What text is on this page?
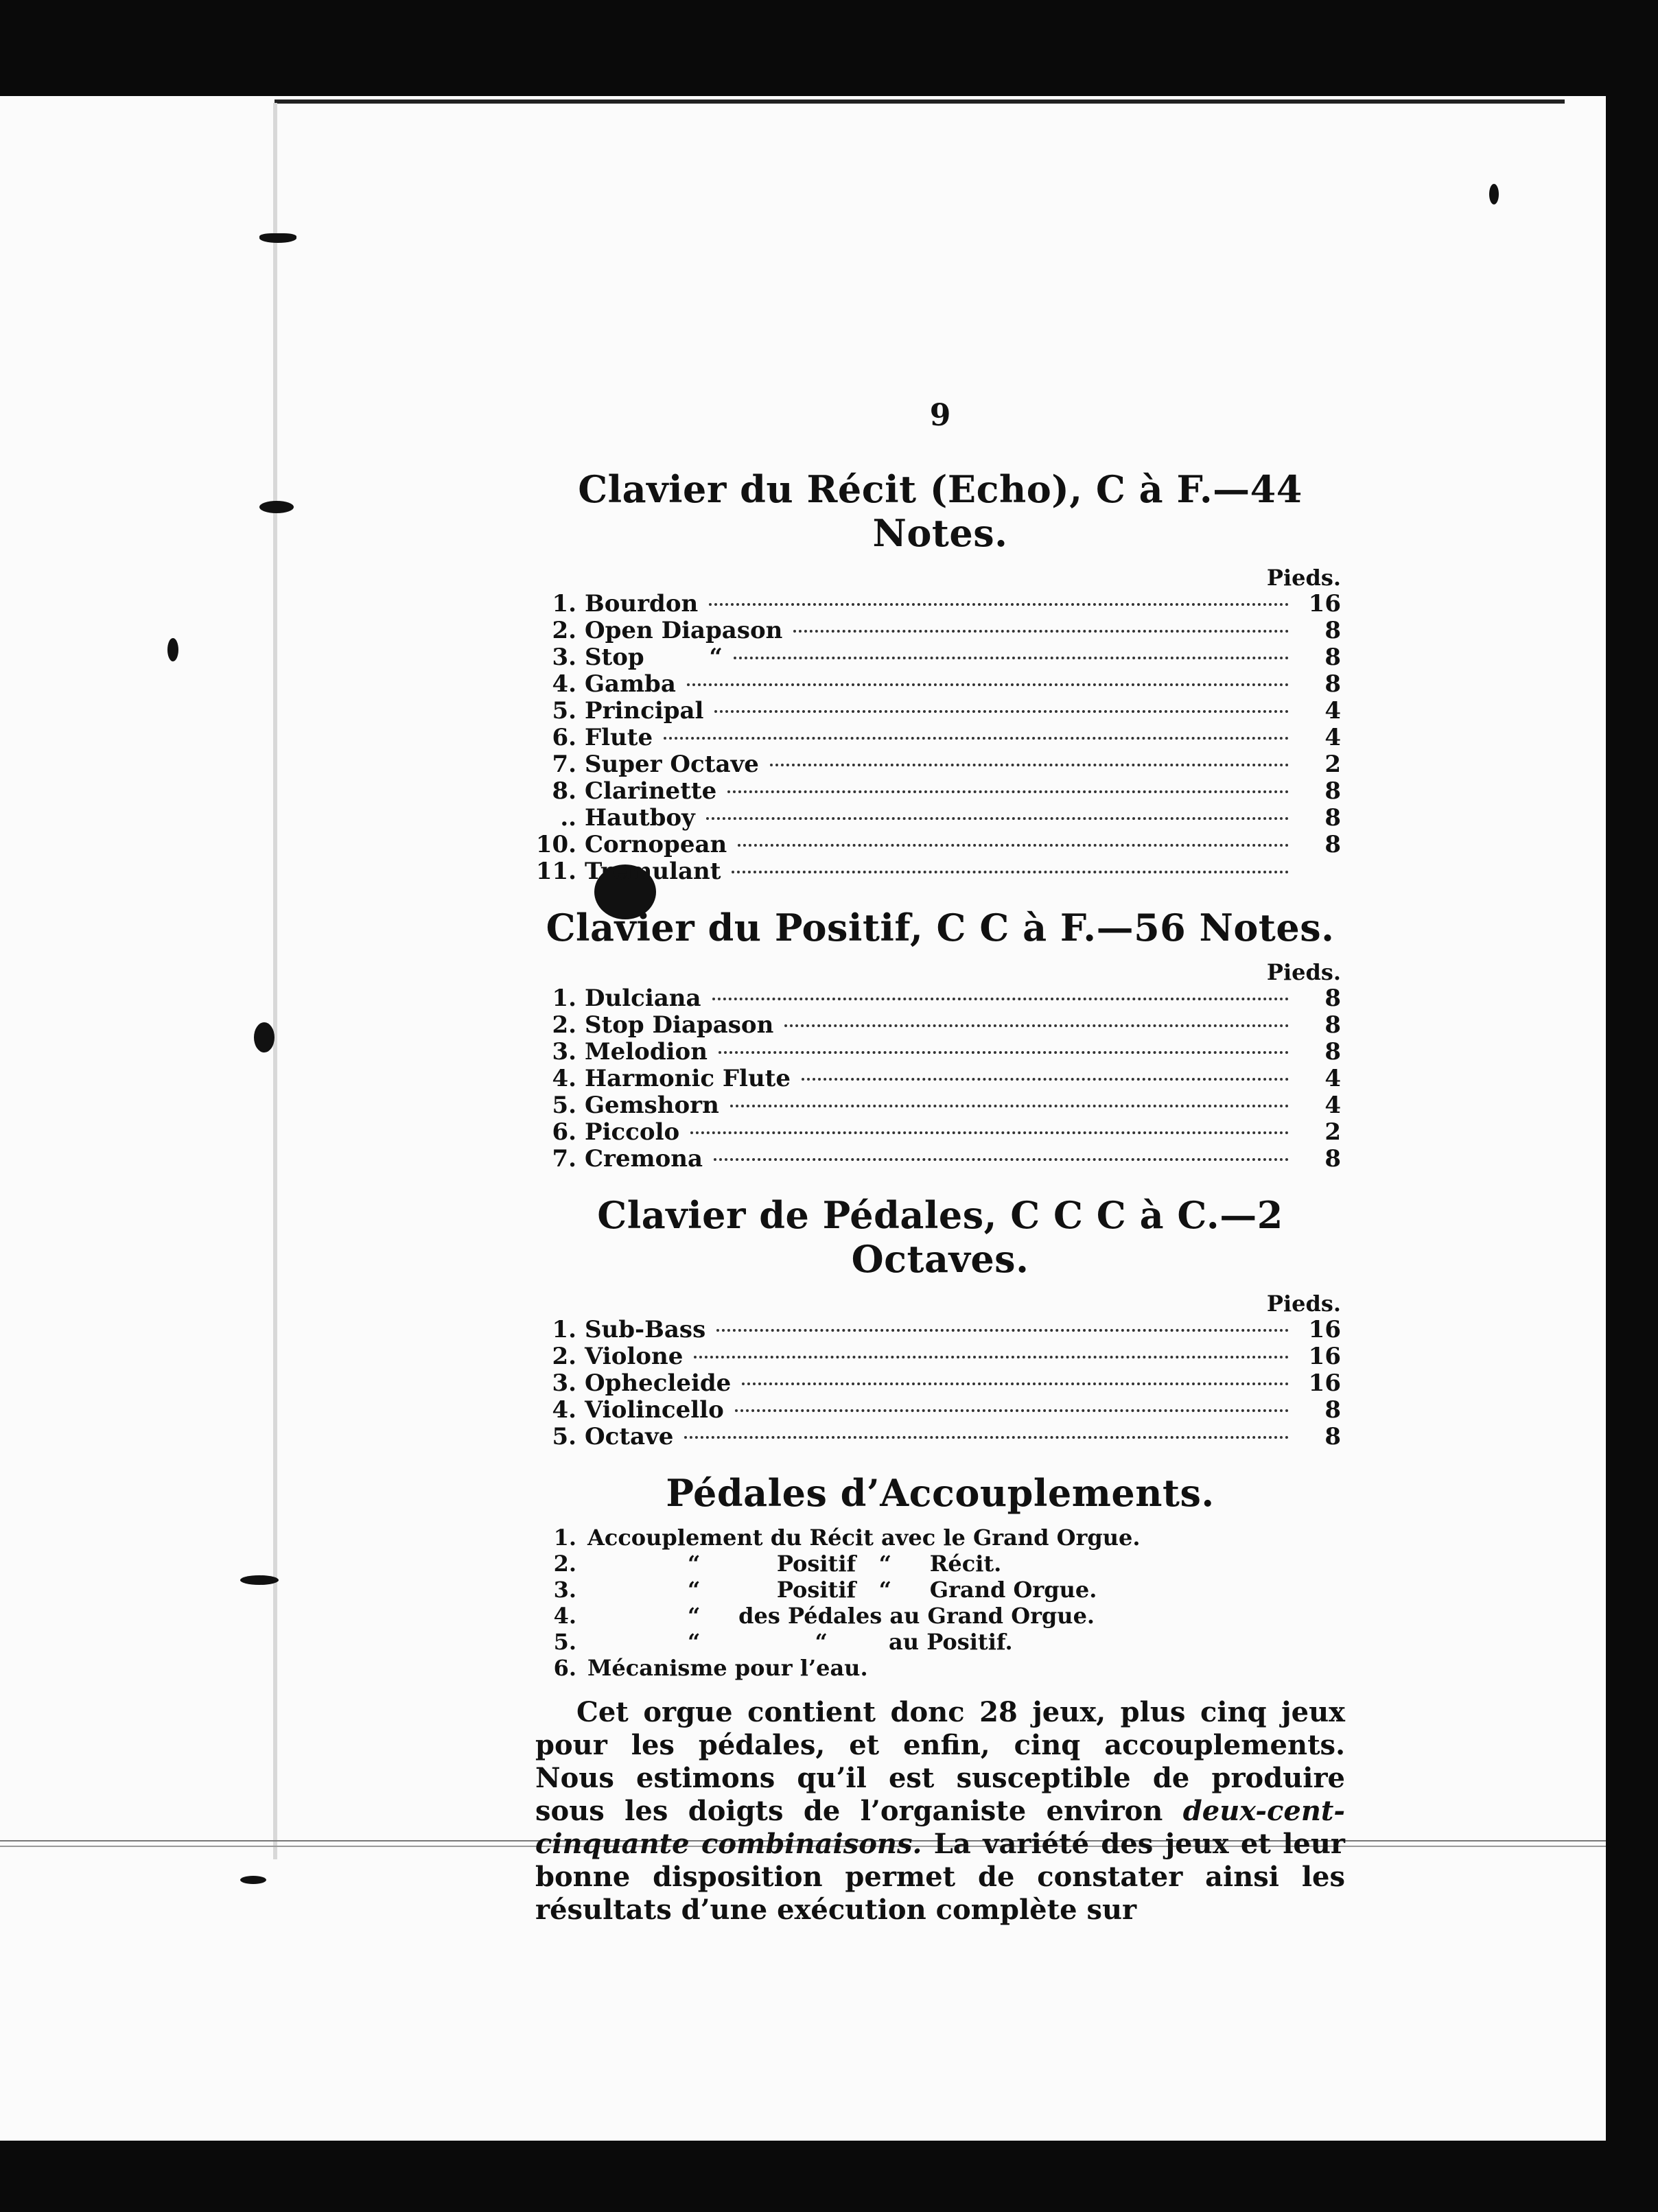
9
Clavier du Récit (Echo), C à F.—44 Notes.
Pieds.
1. Bourdon	16
2. Open Diapason	8
3. Stop        “	8
4. Gamba	8
5. Principal	4
6. Flute	4
7. Super Octave	2
8. Clarinette	8
.. Hautboy	8
10. Cornopean	8
11. Tremulant
Clavier du Positif, C C à F.—56 Notes.
Pieds.
1. Dulciana	8
2. Stop Diapason	8
3. Melodion	8
4. Harmonic Flute	4
5. Gemshorn	4
6. Piccolo	2
7. Cremona	8
Clavier de Pédales, C C C à C.—2 Octaves.
Pieds.
1. Sub-Bass	16
2. Violone	16
3. Ophecleide	16
4. Violincello	8
5. Octave	8
Pédales d’Accouplements.
1. Accouplement du Récit avec le Grand Orgue.
2.	“          Positif   “     Récit.
3.	“          Positif   “     Grand Orgue.
4.	“     des Pédales au Grand Orgue.
5.	“               “        au Positif.
6. Mécanisme pour l’eau.

Cet orgue contient donc 28 jeux, plus cinq jeux pour les pédales, et enfin, cinq accouplements. Nous estimons qu’il est susceptible de produire sous les doigts de l’organiste environ deux-cent-cinquante combinaisons. La variété des jeux et leur bonne disposition permet de constater ainsi les résultats d’une exécution complète sur
